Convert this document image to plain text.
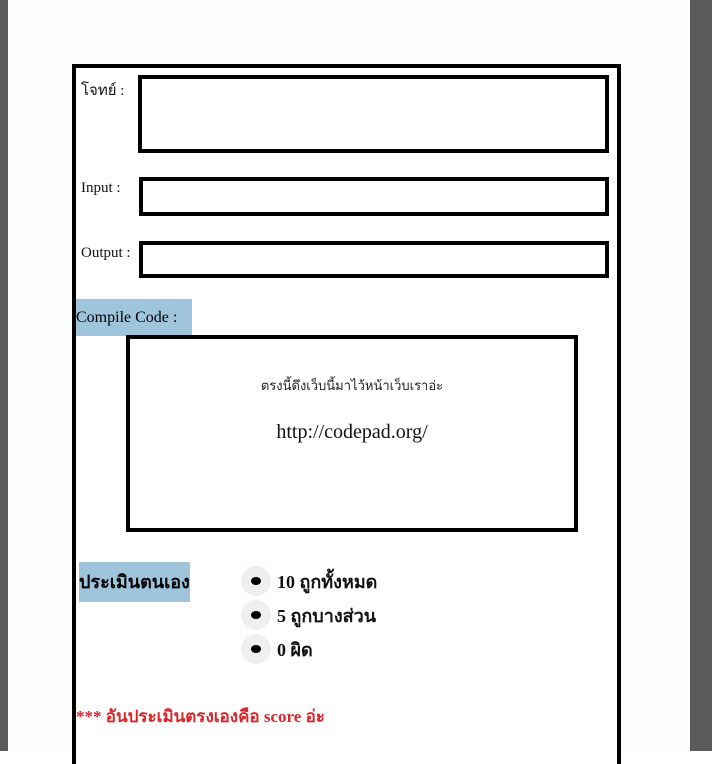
โจทย์ :
Input :
Output :
Compile Code :
ตรงนี้ดึงเว็บนี้มาไว้หน้าเว็บเราอ่ะ
http://codepad.org/
ประเมินตนเอง	10 ถูกทั้งหมด
5 ถูกบางส่วน
0 ผิด
*** อันประเมินตรงเองคือ score อ่ะ
